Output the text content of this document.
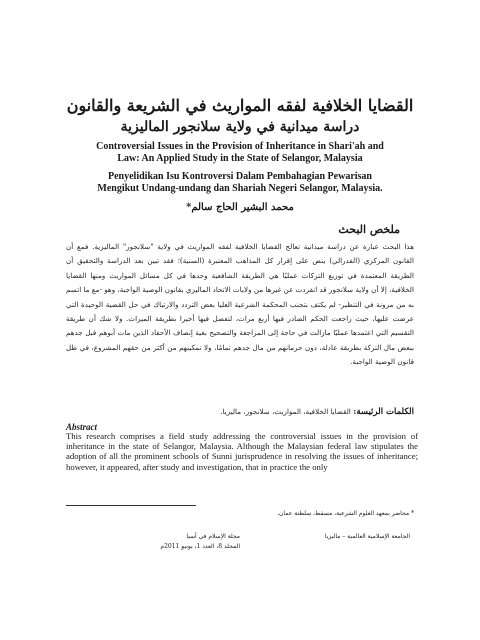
القضايا الخلافية لفقه المواريث في الشريعة والقانون
دراسة ميدانية في ولاية سلانجور الماليزية
Controversial Issues in the Provision of Inheritance in Shari'ah and Law: An Applied Study in the State of Selangor, Malaysia
Penyelidikan Isu Kontroversi Dalam Pembahagian Pewarisan Mengikut Undang-undang dan Shariah Negeri Selangor, Malaysia.
محمد البشير الحاج سالم*
ملخص البحث
هذا البحث عبارة عن دراسة ميدانية تعالج القضايا الخلافية لفقه المواريث في ولاية "سلانجور" الماليزية. فمع أن القانون المركزي (الفدرالي) ينص على إقرار كل المذاهب المعتبرة (السنية)؛ فقد تبين بعد الدراسة والتحقيق أن الطريقة المعتمدة في توزيع التركات عمليًا هي الطريقة الشافعية وحدها في كل مسائل المواريث ومنها القضايا الخلافية، إلا أن ولاية سلانجور قد انفردت عن غيرها من ولايات الاتحاد الماليزي بقانون الوصية الواجبة، وهو -مع ما اتسم به من مرونة في التنظير- لم يكتف بتجنب المحكمة الشرعية العليا بعض التردد والارتباك في حل القضية الوحيدة التي عرضت عليها، حيث راجعت الحكم الصادر فيها أربع مرات، لتفصل فيها أخيرا بطريقة الميراث. ولا شك أن طريقة التقسيم التي اعتمدها عمليًا مازالت في حاجة إلى المراجعة والتصحيح بغية إنصاف الأحفاد الذين مات آبوهم قبل جدهم ببعض مال التركة بطريقة عادلة، دون حرمانهم من مال جدهم تمامًا، ولا تمكينهم من أكثر من حقهم المشروع، في ظل قانون الوصية الواجبة.
الكلمات الرئيسة: القضايا الخلافية، المواريث، سلانجور، ماليزيا.
Abstract
This research comprises a field study addressing the controversial issues in the provision of inheritance in the state of Selangor, Malaysia. Although the Malaysian federal law stipulates the adoption of all the prominent schools of Sunni jurisprudence in resolving the issues of inheritance; however, it appeared, after study and investigation, that in practice the only
* محاضر بمعهد العلوم الشرعية، مسقط، سلطنة عمان.
مجلة الإسلام في آسيا
المجلد 8، العدد 1، يونيو 2011م
الجامعة الإسلامية العالمية – ماليزيا
